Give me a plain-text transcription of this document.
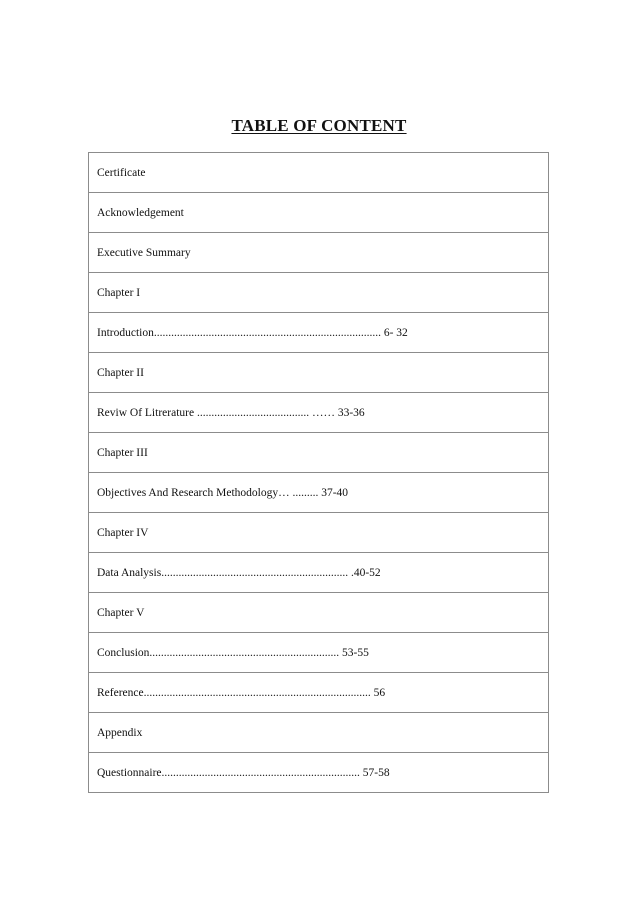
TABLE OF CONTENT
Certificate
Acknowledgement
Executive Summary
Chapter I
Introduction............................................................................... 6- 32
Chapter II
Reviw Of Litrerature ....................................... …… 33-36
Chapter III
Objectives And Research Methodology… ......... 37-40
Chapter IV
Data Analysis................................................................. .40-52
Chapter V
Conclusion.................................................................. 53-55
Reference............................................................................... 56
Appendix
Questionnaire..................................................................... 57-58
